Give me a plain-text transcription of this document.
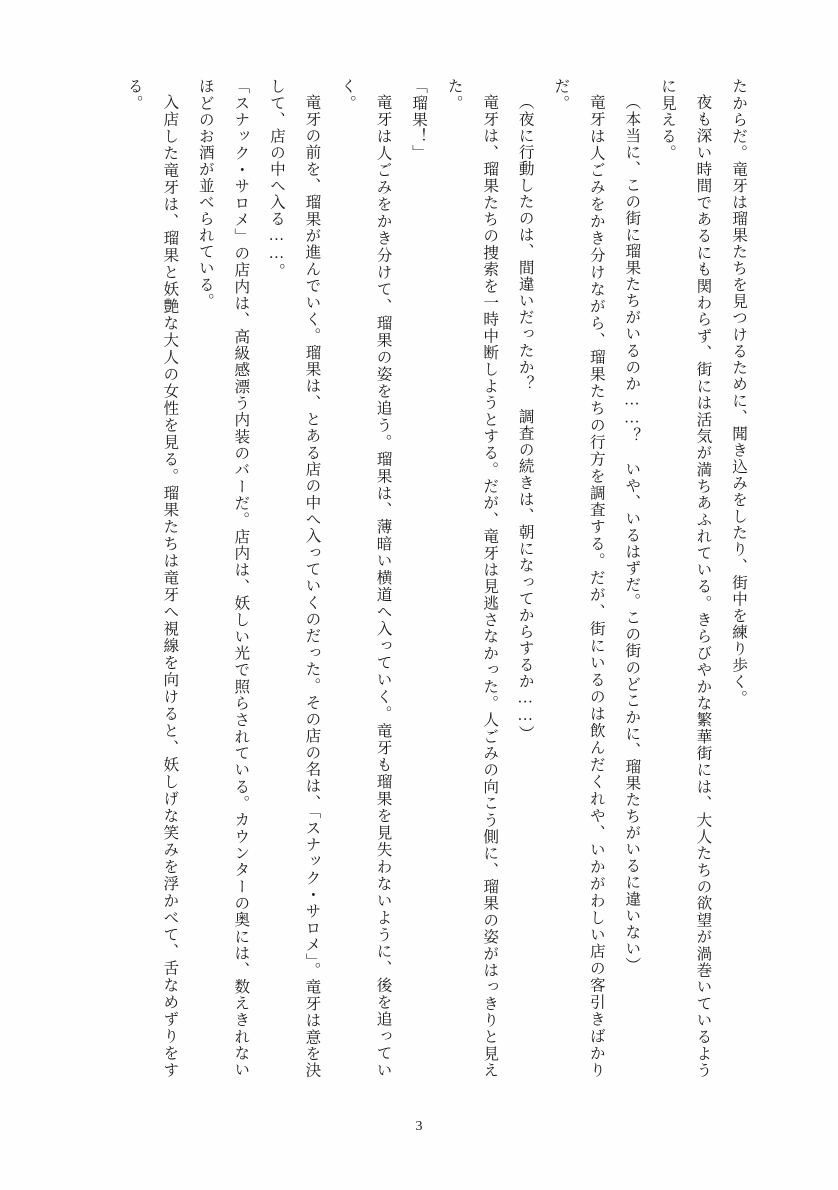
たからだ。竜牙は瑠果たちを見つけるために、聞き込みをしたり、街中を練り歩く。

夜も深い時間であるにも関わらず、街には活気が満ちあふれている。きらびやかな繁華街には、大人たちの欲望が渦巻いているように見える。

（本当に、この街に瑠果たちがいるのか……？　いや、いるはずだ。この街のどこかに、瑠果たちがいるに違いない）

竜牙は人ごみをかき分けながら、瑠果たちの行方を調査する。だが、街にいるのは飲んだくれや、いかがわしい店の客引きばかりだ。

（夜に行動したのは、間違いだったか？　調査の続きは、朝になってからするか……）

竜牙は、瑠果たちの捜索を一時中断しようとする。だが、竜牙は見逃さなかった。人ごみの向こう側に、瑠果の姿がはっきりと見えた。

「瑠果！」

竜牙は人ごみをかき分けて、瑠果の姿を追う。瑠果は、薄暗い横道へ入っていく。竜牙も瑠果を見失わないように、後を追っていく。

竜牙の前を、瑠果が進んでいく。瑠果は、とある店の中へ入っていくのだった。その店の名は、「スナック・サロメ」。竜牙は意を決して、店の中へ入る……。

「スナック・サロメ」の店内は、高級感漂う内装のバーだ。店内は、妖しい光で照らされている。カウンターの奥には、数えきれないほどのお酒が並べられている。

入店した竜牙は、瑠果と妖艶な大人の女性を見る。瑠果たちは竜牙へ視線を向けると、妖しげな笑みを浮かべて、舌なめずりをする。

3
